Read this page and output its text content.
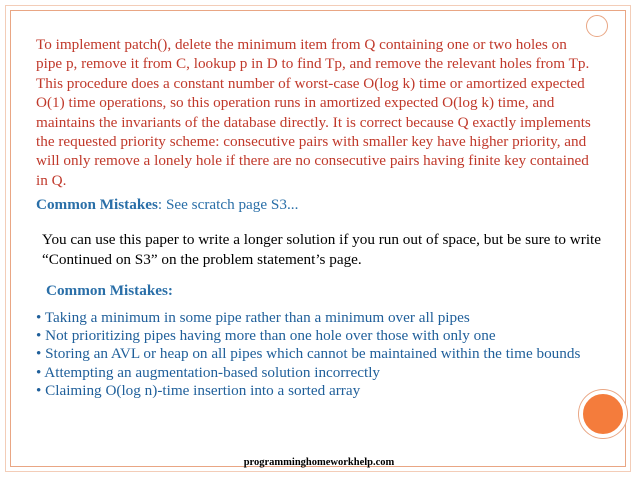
To implement patch(), delete the minimum item from Q containing one or two holes on pipe p, remove it from C, lookup p in D to find Tp, and remove the relevant holes from Tp. This procedure does a constant number of worst-case O(log k) time or amortized expected O(1) time operations, so this operation runs in amortized expected O(log k) time, and maintains the invariants of the database directly. It is correct because Q exactly implements the requested priority scheme: consecutive pairs with smaller key have higher priority, and will only remove a lonely hole if there are no consecutive pairs having finite key contained in Q.
Common Mistakes: See scratch page S3...
You can use this paper to write a longer solution if you run out of space, but be sure to write “Continued on S3” on the problem statement’s page.
Common Mistakes:
• Taking a minimum in some pipe rather than a minimum over all pipes
• Not prioritizing pipes having more than one hole over those with only one
• Storing an AVL or heap on all pipes which cannot be maintained within the time bounds
• Attempting an augmentation-based solution incorrectly
• Claiming O(log n)-time insertion into a sorted array
programminghomeworkhelp.com
